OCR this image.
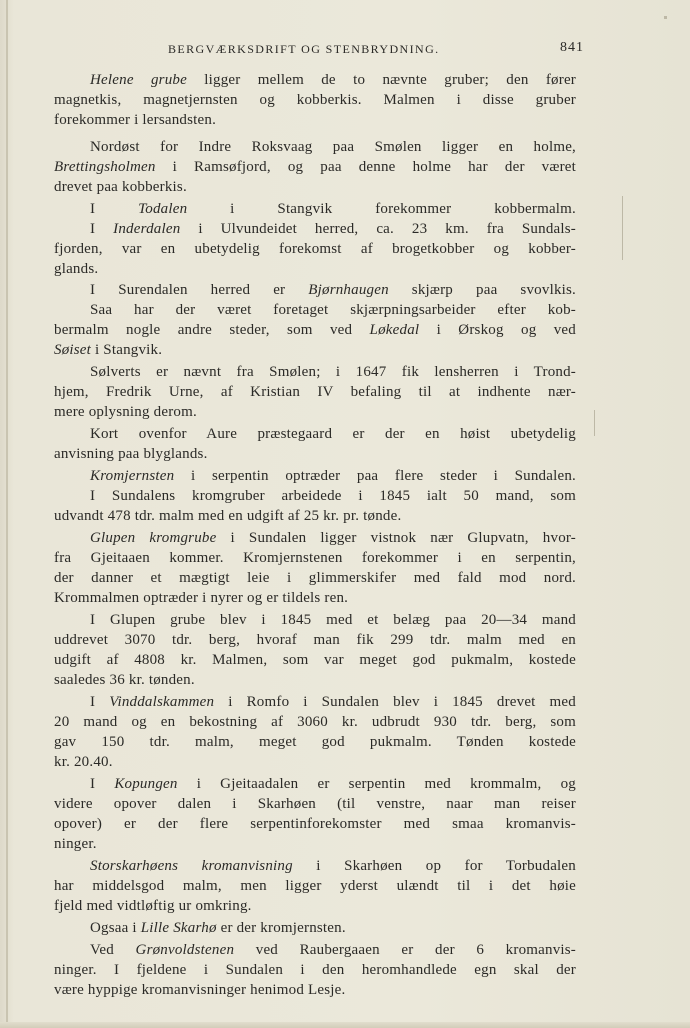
BERGVÆRKSDRIFT OG STENBRYDNING.	841
Helene grube ligger mellem de to nævnte gruber; den fører
magnetkis, magnetjernsten og kobberkis. Malmen i disse gruber
forekommer i lersandsten.
Nordøst for Indre Roksvaag paa Smølen ligger en holme,
Brettingsholmen i Ramsøfjord, og paa denne holme har der været
drevet paa kobberkis.
I Todalen i Stangvik forekommer kobbermalm.
I Inderdalen i Ulvundeidet herred, ca. 23 km. fra Sundals-
fjorden, var en ubetydelig forekomst af brogetkobber og kobber-
glands.
I Surendalen herred er Bjørnhaugen skjærp paa svovlkis.
Saa har der været foretaget skjærpningsarbeider efter kob-
bermalm nogle andre steder, som ved Løkedal i Ørskog og ved
Søiset i Stangvik.
Sølverts er nævnt fra Smølen; i 1647 fik lensherren i Trond-
hjem, Fredrik Urne, af Kristian IV befaling til at indhente nær-
mere oplysning derom.
Kort ovenfor Aure præstegaard er der en høist ubetydelig
anvisning paa blyglands.
Kromjernsten i serpentin optræder paa flere steder i Sundalen.
I Sundalens kromgruber arbeidede i 1845 ialt 50 mand, som
udvandt 478 tdr. malm med en udgift af 25 kr. pr. tønde.
Glupen kromgrube i Sundalen ligger vistnok nær Glupvatn, hvor-
fra Gjeitaaen kommer. Kromjernstenen forekommer i en serpentin,
der danner et mægtigt leie i glimmerskifer med fald mod nord.
Krommalmen optræder i nyrer og er tildels ren.
I Glupen grube blev i 1845 med et belæg paa 20—34 mand
uddrevet 3070 tdr. berg, hvoraf man fik 299 tdr. malm med en
udgift af 4808 kr. Malmen, som var meget god pukmalm, kostede
saaledes 36 kr. tønden.
I Vinddalskammen i Romfo i Sundalen blev i 1845 drevet med
20 mand og en bekostning af 3060 kr. udbrudt 930 tdr. berg, som
gav 150 tdr. malm, meget god pukmalm. Tønden kostede
kr. 20.40.
I Kopungen i Gjeitaadalen er serpentin med krommalm, og
videre opover dalen i Skarhøen (til venstre, naar man reiser
opover) er der flere serpentinforekomster med smaa kromanvis-
ninger.
Storskarhøens kromanvisning i Skarhøen op for Torbudalen
har middelsgod malm, men ligger yderst ulændt til i det høie
fjeld med vidtløftig ur omkring.
Ogsaa i Lille Skarhø er der kromjernsten.
Ved Grønvoldstenen ved Raubergaaen er der 6 kromanvis-
ninger. I fjeldene i Sundalen i den heromhandlede egn skal der
være hyppige kromanvisninger henimod Lesje.
